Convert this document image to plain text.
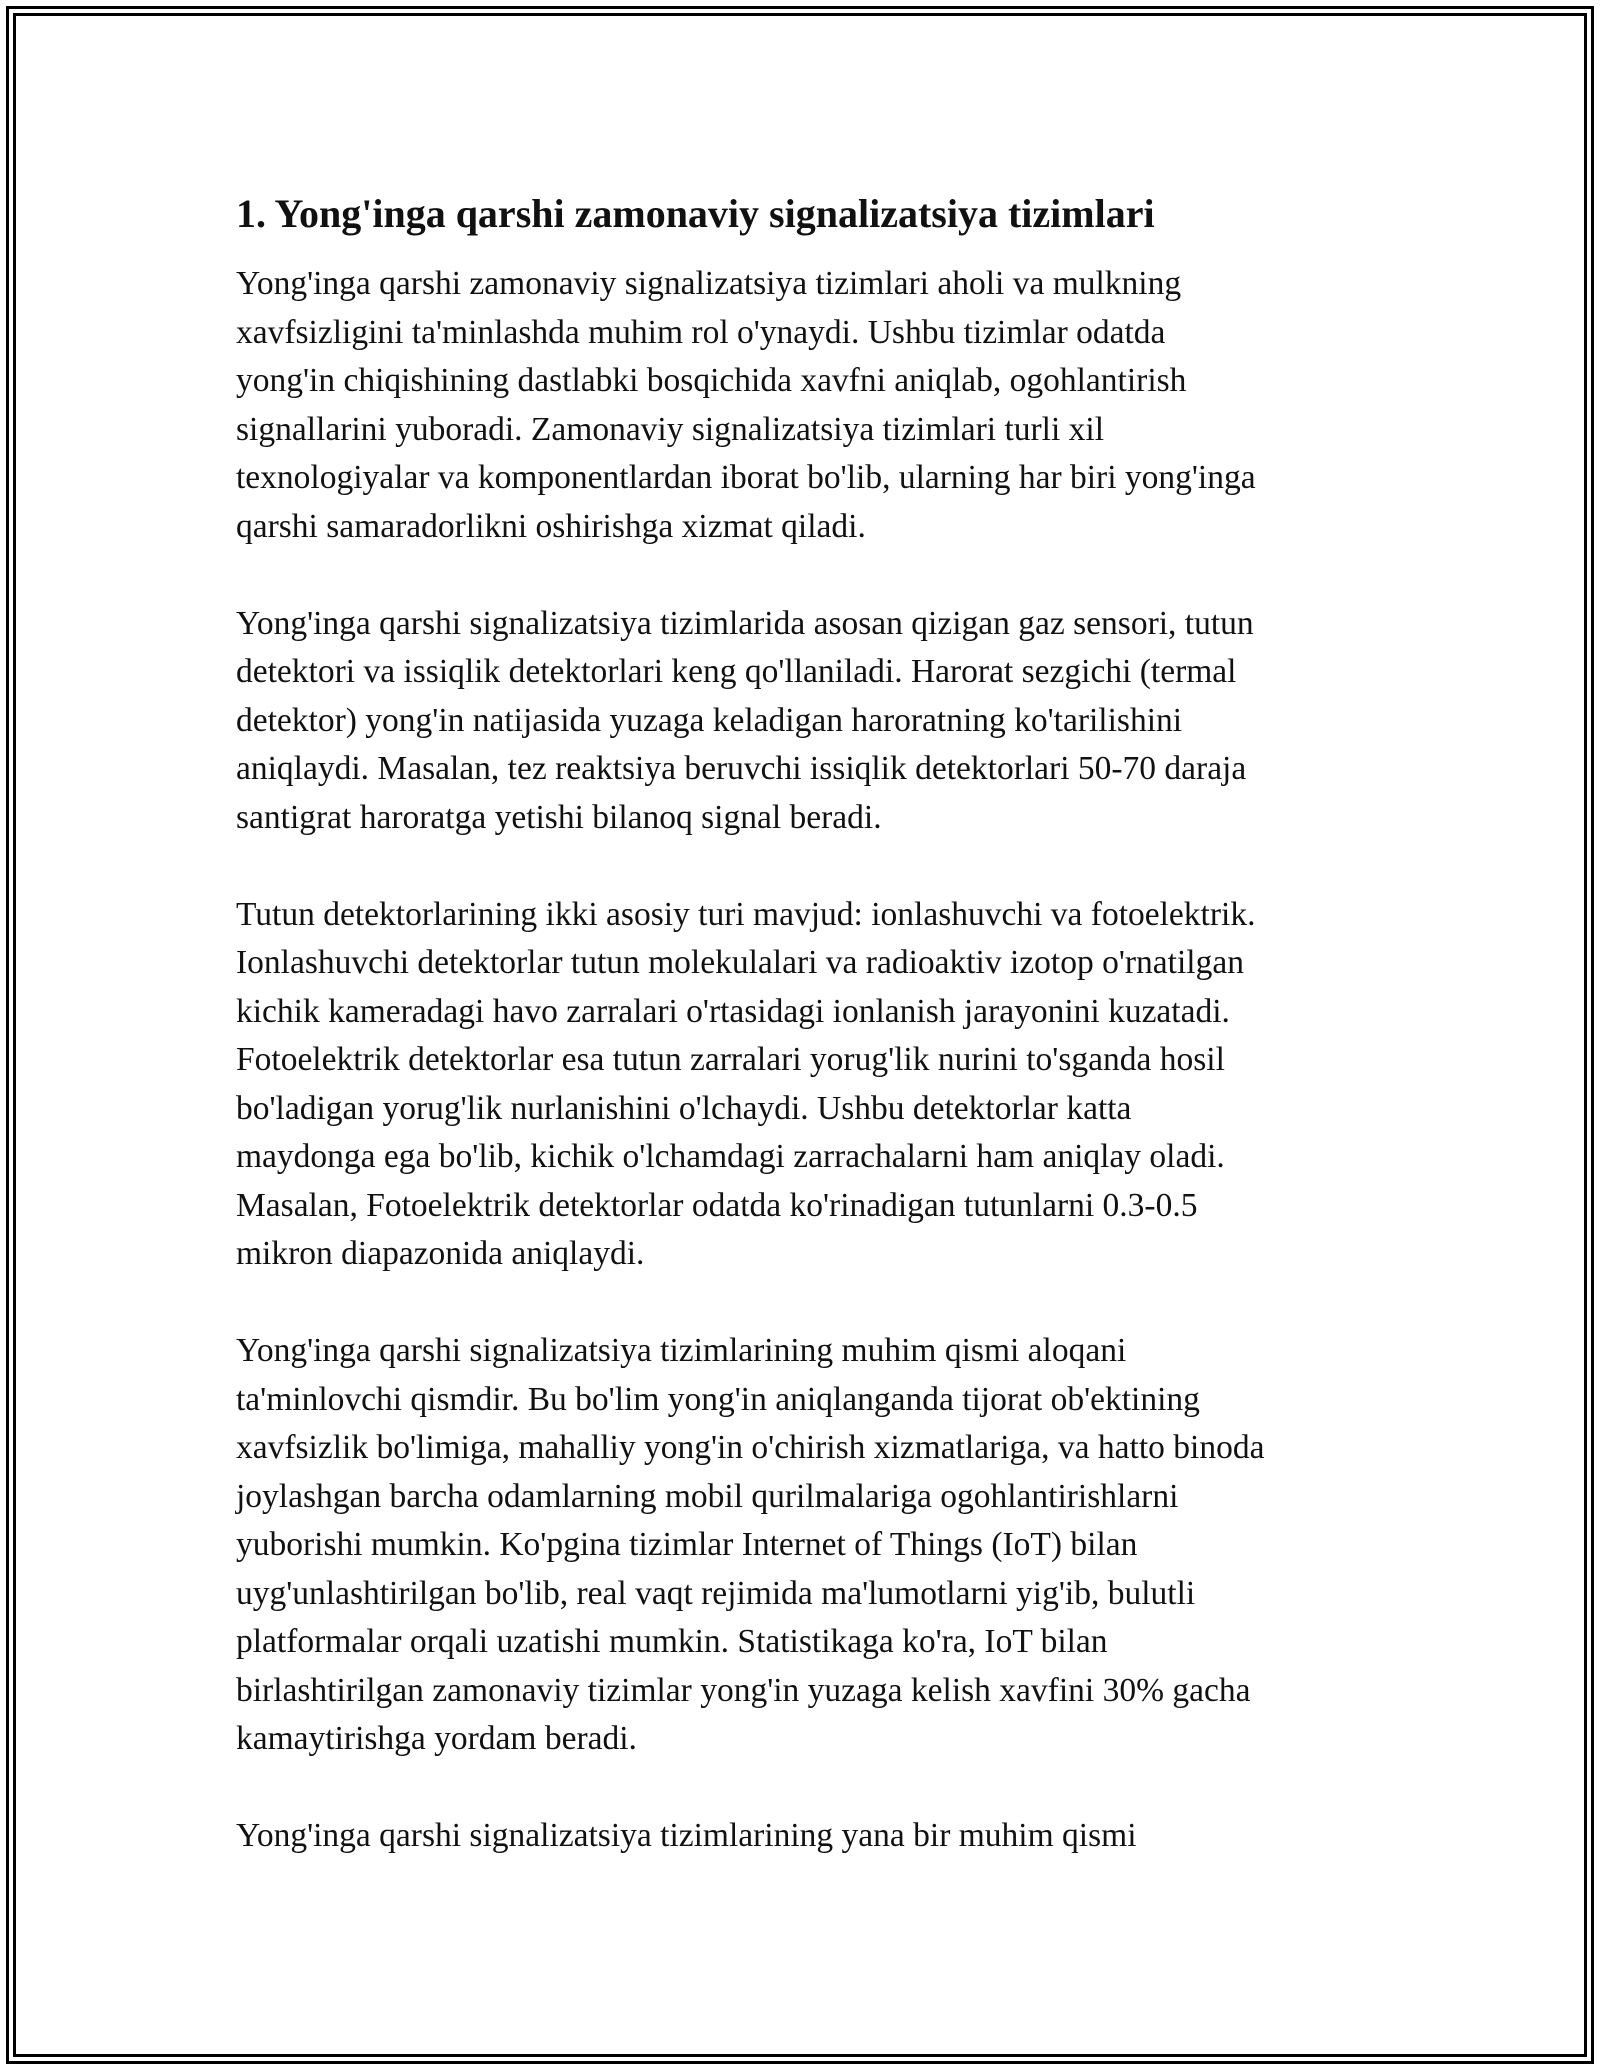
1. Yong'inga qarshi zamonaviy signalizatsiya tizimlari

Yong'inga qarshi zamonaviy signalizatsiya tizimlari aholi va mulkning
xavfsizligini ta'minlashda muhim rol o'ynaydi. Ushbu tizimlar odatda
yong'in chiqishining dastlabki bosqichida xavfni aniqlab, ogohlantirish
signallarini yuboradi. Zamonaviy signalizatsiya tizimlari turli xil
texnologiyalar va komponentlardan iborat bo'lib, ularning har biri yong'inga
qarshi samaradorlikni oshirishga xizmat qiladi.

Yong'inga qarshi signalizatsiya tizimlarida asosan qizigan gaz sensori, tutun
detektori va issiqlik detektorlari keng qo'llaniladi. Harorat sezgichi (termal
detektor) yong'in natijasida yuzaga keladigan haroratning ko'tarilishini
aniqlaydi. Masalan, tez reaktsiya beruvchi issiqlik detektorlari 50-70 daraja
santigrat haroratga yetishi bilanoq signal beradi.

Tutun detektorlarining ikki asosiy turi mavjud: ionlashuvchi va fotoelektrik.
Ionlashuvchi detektorlar tutun molekulalari va radioaktiv izotop o'rnatilgan
kichik kameradagi havo zarralari o'rtasidagi ionlanish jarayonini kuzatadi.
Fotoelektrik detektorlar esa tutun zarralari yorug'lik nurini to'sganda hosil
bo'ladigan yorug'lik nurlanishini o'lchaydi. Ushbu detektorlar katta
maydonga ega bo'lib, kichik o'lchamdagi zarrachalarni ham aniqlay oladi.
Masalan, Fotoelektrik detektorlar odatda ko'rinadigan tutunlarni 0.3-0.5
mikron diapazonida aniqlaydi.

Yong'inga qarshi signalizatsiya tizimlarining muhim qismi aloqani
ta'minlovchi qismdir. Bu bo'lim yong'in aniqlanganda tijorat ob'ektining
xavfsizlik bo'limiga, mahalliy yong'in o'chirish xizmatlariga, va hatto binoda
joylashgan barcha odamlarning mobil qurilmalariga ogohlantirishlarni
yuborishi mumkin. Ko'pgina tizimlar Internet of Things (IoT) bilan
uyg'unlashtirilgan bo'lib, real vaqt rejimida ma'lumotlarni yig'ib, bulutli
platformalar orqali uzatishi mumkin. Statistikaga ko'ra, IoT bilan
birlashtirilgan zamonaviy tizimlar yong'in yuzaga kelish xavfini 30% gacha
kamaytirishga yordam beradi.

Yong'inga qarshi signalizatsiya tizimlarining yana bir muhim qismi
